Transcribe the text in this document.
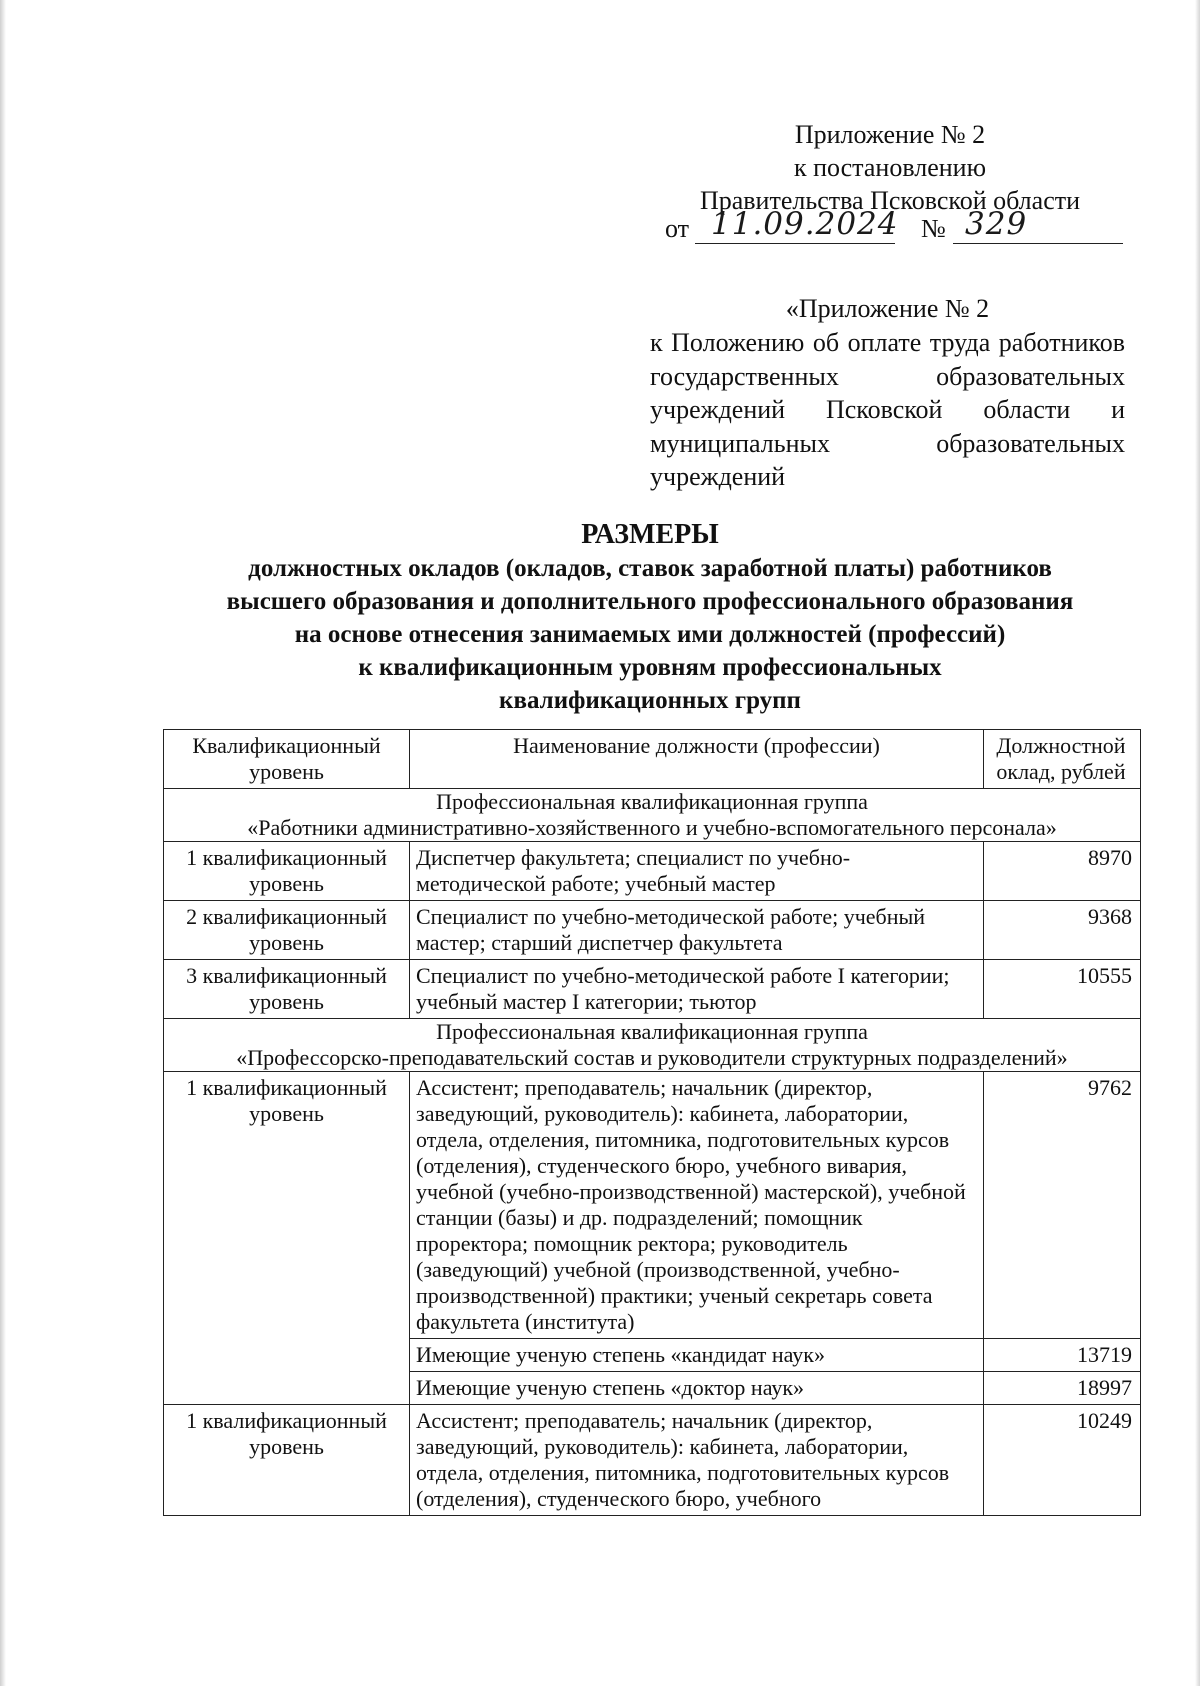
Приложение № 2
к постановлению
Правительства Псковской области
от 11.09.2024 № 329
«Приложение № 2
к Положению об оплате труда работников государственных образовательных учреждений Псковской области и муниципальных образовательных учреждений
РАЗМЕРЫ
должностных окладов (окладов, ставок заработной платы) работников
высшего образования и дополнительного профессионального образования
на основе отнесения занимаемых ими должностей (профессий)
к квалификационным уровням профессиональных
квалификационных групп
Квалификационный уровень	Наименование должности (профессии)	Должностной оклад, рублей

Профессиональная квалификационная группа
«Работники административно-хозяйственного и учебно-вспомогательного персонала»		

1 квалификационный уровень	Диспетчер факультета; специалист по учебно-методической работе; учебный мастер	8970
2 квалификационный уровень	Специалист по учебно-методической работе; учебный мастер; старший диспетчер факультета	9368
3 квалификационный уровень	Специалист по учебно-методической работе I категории; учебный мастер I категории; тьютор	10555

Профессиональная квалификационная группа
«Профессорско-преподавательский состав и руководители структурных подразделений»		

1 квалификационный уровень	Ассистент; преподаватель; начальник (директор, заведующий, руководитель): кабинета, лаборатории, отдела, отделения, питомника, подготовительных курсов (отделения), студенческого бюро, учебного вивария, учебной (учебно-производственной) мастерской), учебной станции (базы) и др. подразделений; помощник проректора; помощник ректора; руководитель (заведующий) учебной (производственной, учебно-производственной) практики; ученый секретарь совета факультета (института)	9762
	Имеющие ученую степень «кандидат наук»	13719
	Имеющие ученую степень «доктор наук»	18997
1 квалификационный уровень	Ассистент; преподаватель; начальник (директор, заведующий, руководитель): кабинета, лаборатории, отдела, отделения, питомника, подготовительных курсов (отделения), студенческого бюро, учебного	10249
